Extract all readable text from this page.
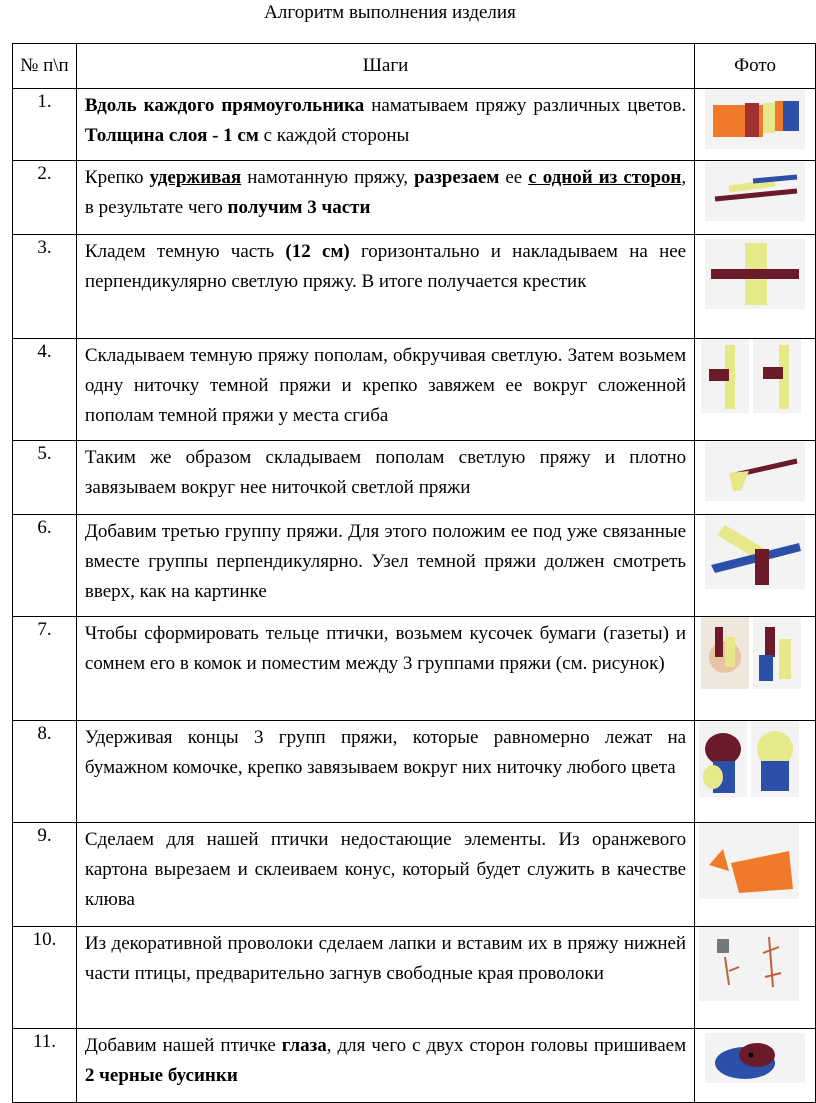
Алгоритм выполнения изделия
№ п\п	Шаги	Фото
1.	Вдоль каждого прямоугольника наматываем пряжу различных цветов. Толщина слоя - 1 см с каждой стороны	

2.	Крепко удерживая намотанную пряжу, разрезаем ее с одной из сторон, в результате чего получим 3 части	

3.	Кладем темную часть (12 см) горизонтально и накладываем на нее перпендикулярно светлую пряжу. В итоге получается крестик	

4.	Складываем темную пряжу пополам, обкручивая светлую. Затем возьмем одну ниточку темной пряжи и крепко завяжем ее вокруг сложенной пополам темной пряжи у места сгиба	

5.	Таким же образом складываем пополам светлую пряжу и плотно завязываем вокруг нее ниточкой светлой пряжи	

6.	Добавим третью группу пряжи. Для этого положим ее под уже связанные вместе группы перпендикулярно. Узел темной пряжи должен смотреть вверх, как на картинке	

7.	Чтобы сформировать тельце птички, возьмем кусочек бумаги (газеты) и сомнем его в комок и поместим между 3 группами пряжи (см. рисунок)	

8.	Удерживая концы 3 групп пряжи, которые равномерно лежат на бумажном комочке, крепко завязываем вокруг них ниточку любого цвета	

9.	Сделаем для нашей птички недостающие элементы. Из оранжевого картона вырезаем и склеиваем конус, который будет служить в качестве клюва	

10.	Из декоративной проволоки сделаем лапки и вставим их в пряжу нижней части птицы, предварительно загнув свободные края проволоки	

11.	Добавим нашей птичке глаза, для чего с двух сторон головы пришиваем 2 черные бусинки	
